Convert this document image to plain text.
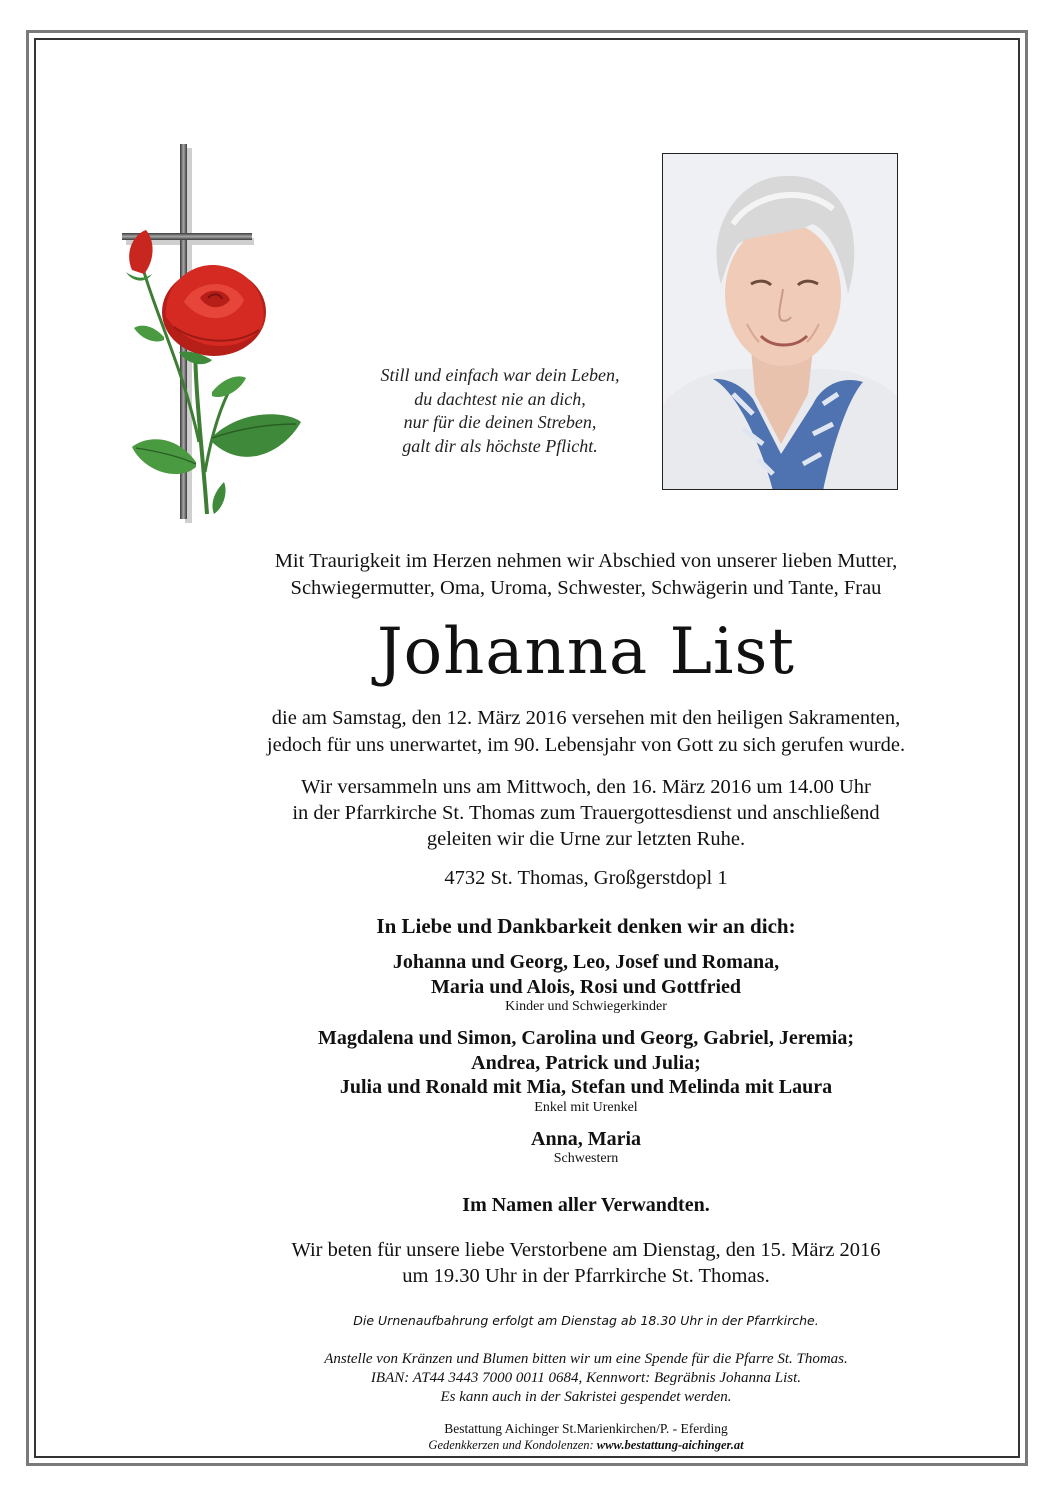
Still und einfach war dein Leben,
du dachtest nie an dich,
nur für die deinen Streben,
galt dir als höchste Pflicht.
Mit Traurigkeit im Herzen nehmen wir Abschied von unserer lieben Mutter,
Schwiegermutter, Oma, Uroma, Schwester, Schwägerin und Tante, Frau
Johanna List
die am Samstag, den 12. März 2016 versehen mit den heiligen Sakramenten,
jedoch für uns unerwartet, im 90. Lebensjahr von Gott zu sich gerufen wurde.
Wir versammeln uns am Mittwoch, den 16. März 2016 um 14.00 Uhr
in der Pfarrkirche St. Thomas zum Trauergottesdienst und anschließend
geleiten wir die Urne zur letzten Ruhe.
4732 St. Thomas, Großgerstdopl 1
In Liebe und Dankbarkeit denken wir an dich:
Johanna und Georg, Leo, Josef und Romana,
Maria und Alois, Rosi und Gottfried
Kinder und Schwiegerkinder
Magdalena und Simon, Carolina und Georg, Gabriel, Jeremia;
Andrea, Patrick und Julia;
Julia und Ronald mit Mia, Stefan und Melinda mit Laura
Enkel mit Urenkel
Anna, Maria
Schwestern
Im Namen aller Verwandten.
Wir beten für unsere liebe Verstorbene am Dienstag, den 15. März 2016
um 19.30 Uhr in der Pfarrkirche St. Thomas.
Die Urnenaufbahrung erfolgt am Dienstag ab 18.30 Uhr in der Pfarrkirche.
Anstelle von Kränzen und Blumen bitten wir um eine Spende für die Pfarre St. Thomas.
IBAN: AT44 3443 7000 0011 0684, Kennwort: Begräbnis Johanna List.
Es kann auch in der Sakristei gespendet werden.
Bestattung Aichinger St.Marienkirchen/P. - Eferding
Gedenkkerzen und Kondolenzen: www.bestattung-aichinger.at
